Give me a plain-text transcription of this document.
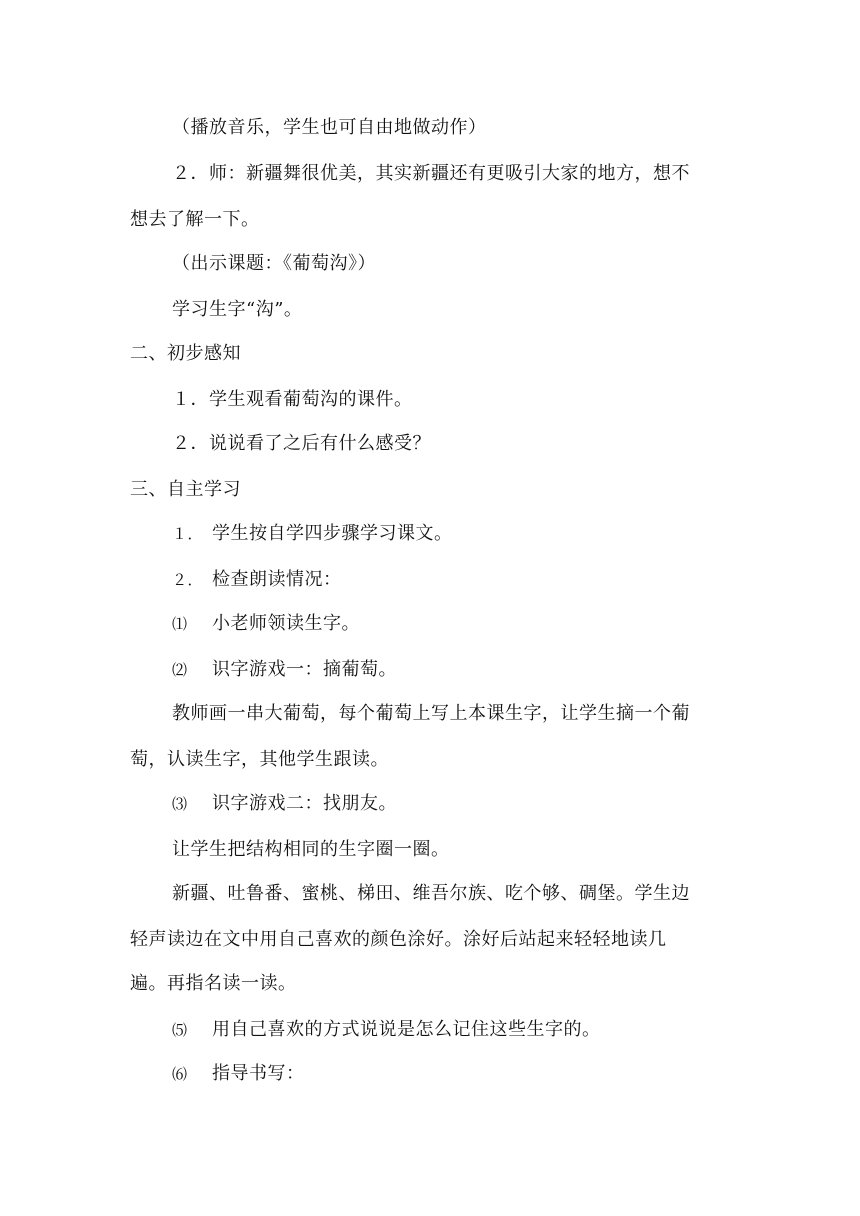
（播放音乐，学生也可自由地做动作）
２．师：新疆舞很优美，其实新疆还有更吸引大家的地方，想不
想去了解一下。
（出示课题：《葡萄沟》）
学习生字“沟”。
二、初步感知
１．学生观看葡萄沟的课件。
２．说说看了之后有什么感受？
三、自主学习
１． 学生按自学四步骤学习课文。
２． 检查朗读情况：
⑴ 小老师领读生字。
⑵ 识字游戏一：摘葡萄。
教师画一串大葡萄，每个葡萄上写上本课生字，让学生摘一个葡
萄，认读生字，其他学生跟读。
⑶ 识字游戏二：找朋友。
让学生把结构相同的生字圈一圈。
新疆、吐鲁番、蜜桃、梯田、维吾尔族、吃个够、碉堡。学生边
轻声读边在文中用自己喜欢的颜色涂好。涂好后站起来轻轻地读几
遍。再指名读一读。
⑸ 用自己喜欢的方式说说是怎么记住这些生字的。
⑹ 指导书写：
